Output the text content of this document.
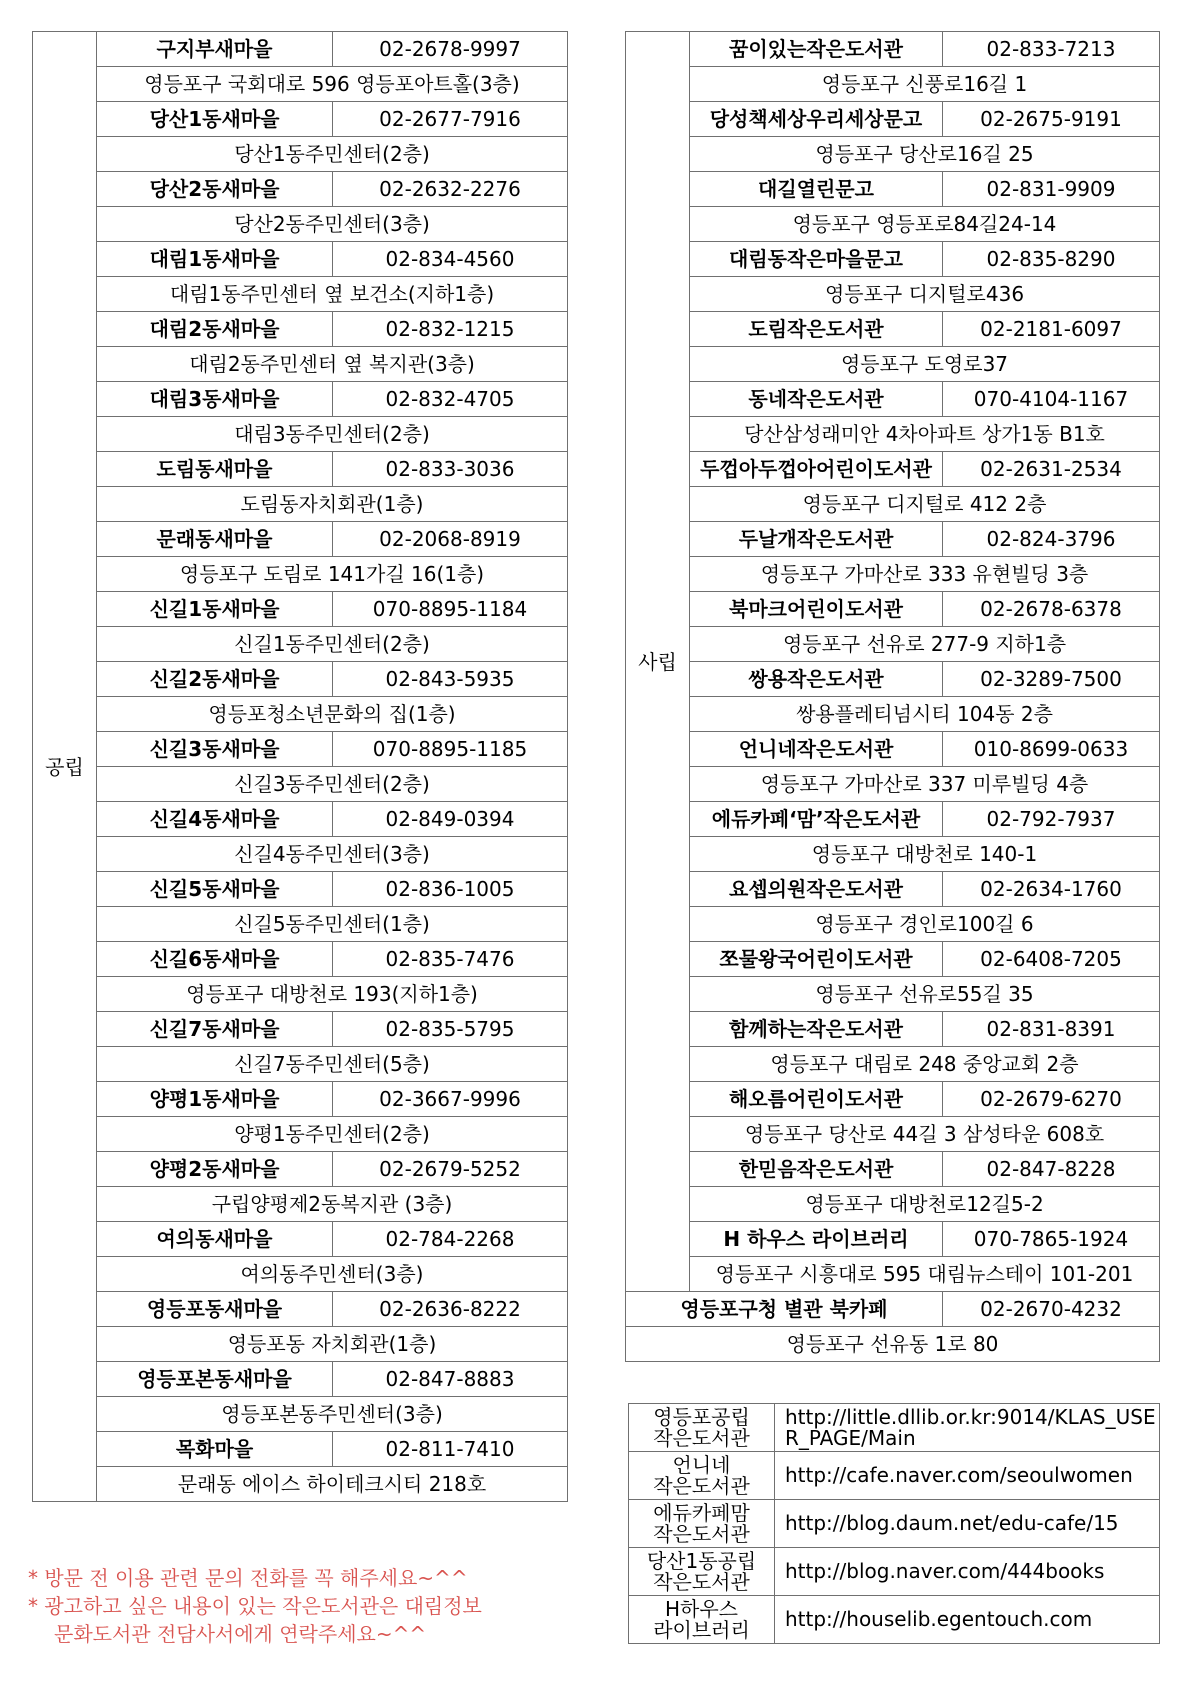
공립	구지부새마을	02-2678-9997
	영등포구 국회대로 596 영등포아트홀(3층)	
	당산1동새마을	02-2677-7916
	당산1동주민센터(2층)	
	당산2동새마을	02-2632-2276
	당산2동주민센터(3층)	
	대림1동새마을	02-834-4560
	대림1동주민센터 옆 보건소(지하1층)	
	대림2동새마을	02-832-1215
	대림2동주민센터 옆 복지관(3층)	
	대림3동새마을	02-832-4705
	대림3동주민센터(2층)	
	도림동새마을	02-833-3036
	도림동자치회관(1층)	
	문래동새마을	02-2068-8919
	영등포구 도림로 141가길 16(1층)	
	신길1동새마을	070-8895-1184
	신길1동주민센터(2층)	
	신길2동새마을	02-843-5935
	영등포청소년문화의 집(1층)	
	신길3동새마을	070-8895-1185
	신길3동주민센터(2층)	
	신길4동새마을	02-849-0394
	신길4동주민센터(3층)	
	신길5동새마을	02-836-1005
	신길5동주민센터(1층)	
	신길6동새마을	02-835-7476
	영등포구 대방천로 193(지하1층)	
	신길7동새마을	02-835-5795
	신길7동주민센터(5층)	
	양평1동새마을	02-3667-9996
	양평1동주민센터(2층)	
	양평2동새마을	02-2679-5252
	구립양평제2동복지관 (3층)	
	여의동새마을	02-784-2268
	여의동주민센터(3층)	
	영등포동새마을	02-2636-8222
	영등포동 자치회관(1층)	
	영등포본동새마을	02-847-8883
	영등포본동주민센터(3층)	
	목화마을	02-811-7410
	문래동 에이스 하이테크시티 218호	
사립	꿈이있는작은도서관	02-833-7213
	영등포구 신풍로16길 1	
	당성책세상우리세상문고	02-2675-9191
	영등포구 당산로16길 25	
	대길열린문고	02-831-9909
	영등포구 영등포로84길24-14	
	대림동작은마을문고	02-835-8290
	영등포구 디지털로436	
	도림작은도서관	02-2181-6097
	영등포구 도영로37	
	동네작은도서관	070-4104-1167
	당산삼성래미안 4차아파트 상가1동 B1호	
	두껍아두껍아어린이도서관	02-2631-2534
	영등포구 디지털로 412 2층	
	두날개작은도서관	02-824-3796
	영등포구 가마산로 333 유현빌딩 3층	
	북마크어린이도서관	02-2678-6378
	영등포구 선유로 277-9 지하1층	
	쌍용작은도서관	02-3289-7500
	쌍용플레티넘시티 104동 2층	
	언니네작은도서관	010-8699-0633
	영등포구 가마산로 337 미루빌딩 4층	
	에듀카페‘맘’작은도서관	02-792-7937
	영등포구 대방천로 140-1	
	요셉의원작은도서관	02-2634-1760
	영등포구 경인로100길 6	
	쪼물왕국어린이도서관	02-6408-7205
	영등포구 선유로55길 35	
	함께하는작은도서관	02-831-8391
	영등포구 대림로 248 중앙교회 2층	
	해오름어린이도서관	02-2679-6270
	영등포구 당산로 44길 3 삼성타운 608호	
	한믿음작은도서관	02-847-8228
	영등포구 대방천로12길5-2	
	H 하우스 라이브러리	070-7865-1924
	영등포구 시흥대로 595 대림뉴스테이 101-201	
영등포구청 별관 북카페		02-2670-4232
영등포구 선유동 1로 80		
영등포공립
작은도서관	http://little.dllib.or.kr:9014/KLAS_USER_PAGE/Main

언니네
작은도서관	http://cafe.naver.com/seoulwomen

에듀카페맘
작은도서관	http://blog.daum.net/edu-cafe/15

당산1동공립
작은도서관	http://blog.naver.com/444books

H하우스
라이브러리	http://houselib.egentouch.com
* 방문 전 이용 관련 문의 전화를 꼭 해주세요~^^
* 광고하고 싶은 내용이 있는 작은도서관은 대림정보
문화도서관 전담사서에게 연락주세요~^^
